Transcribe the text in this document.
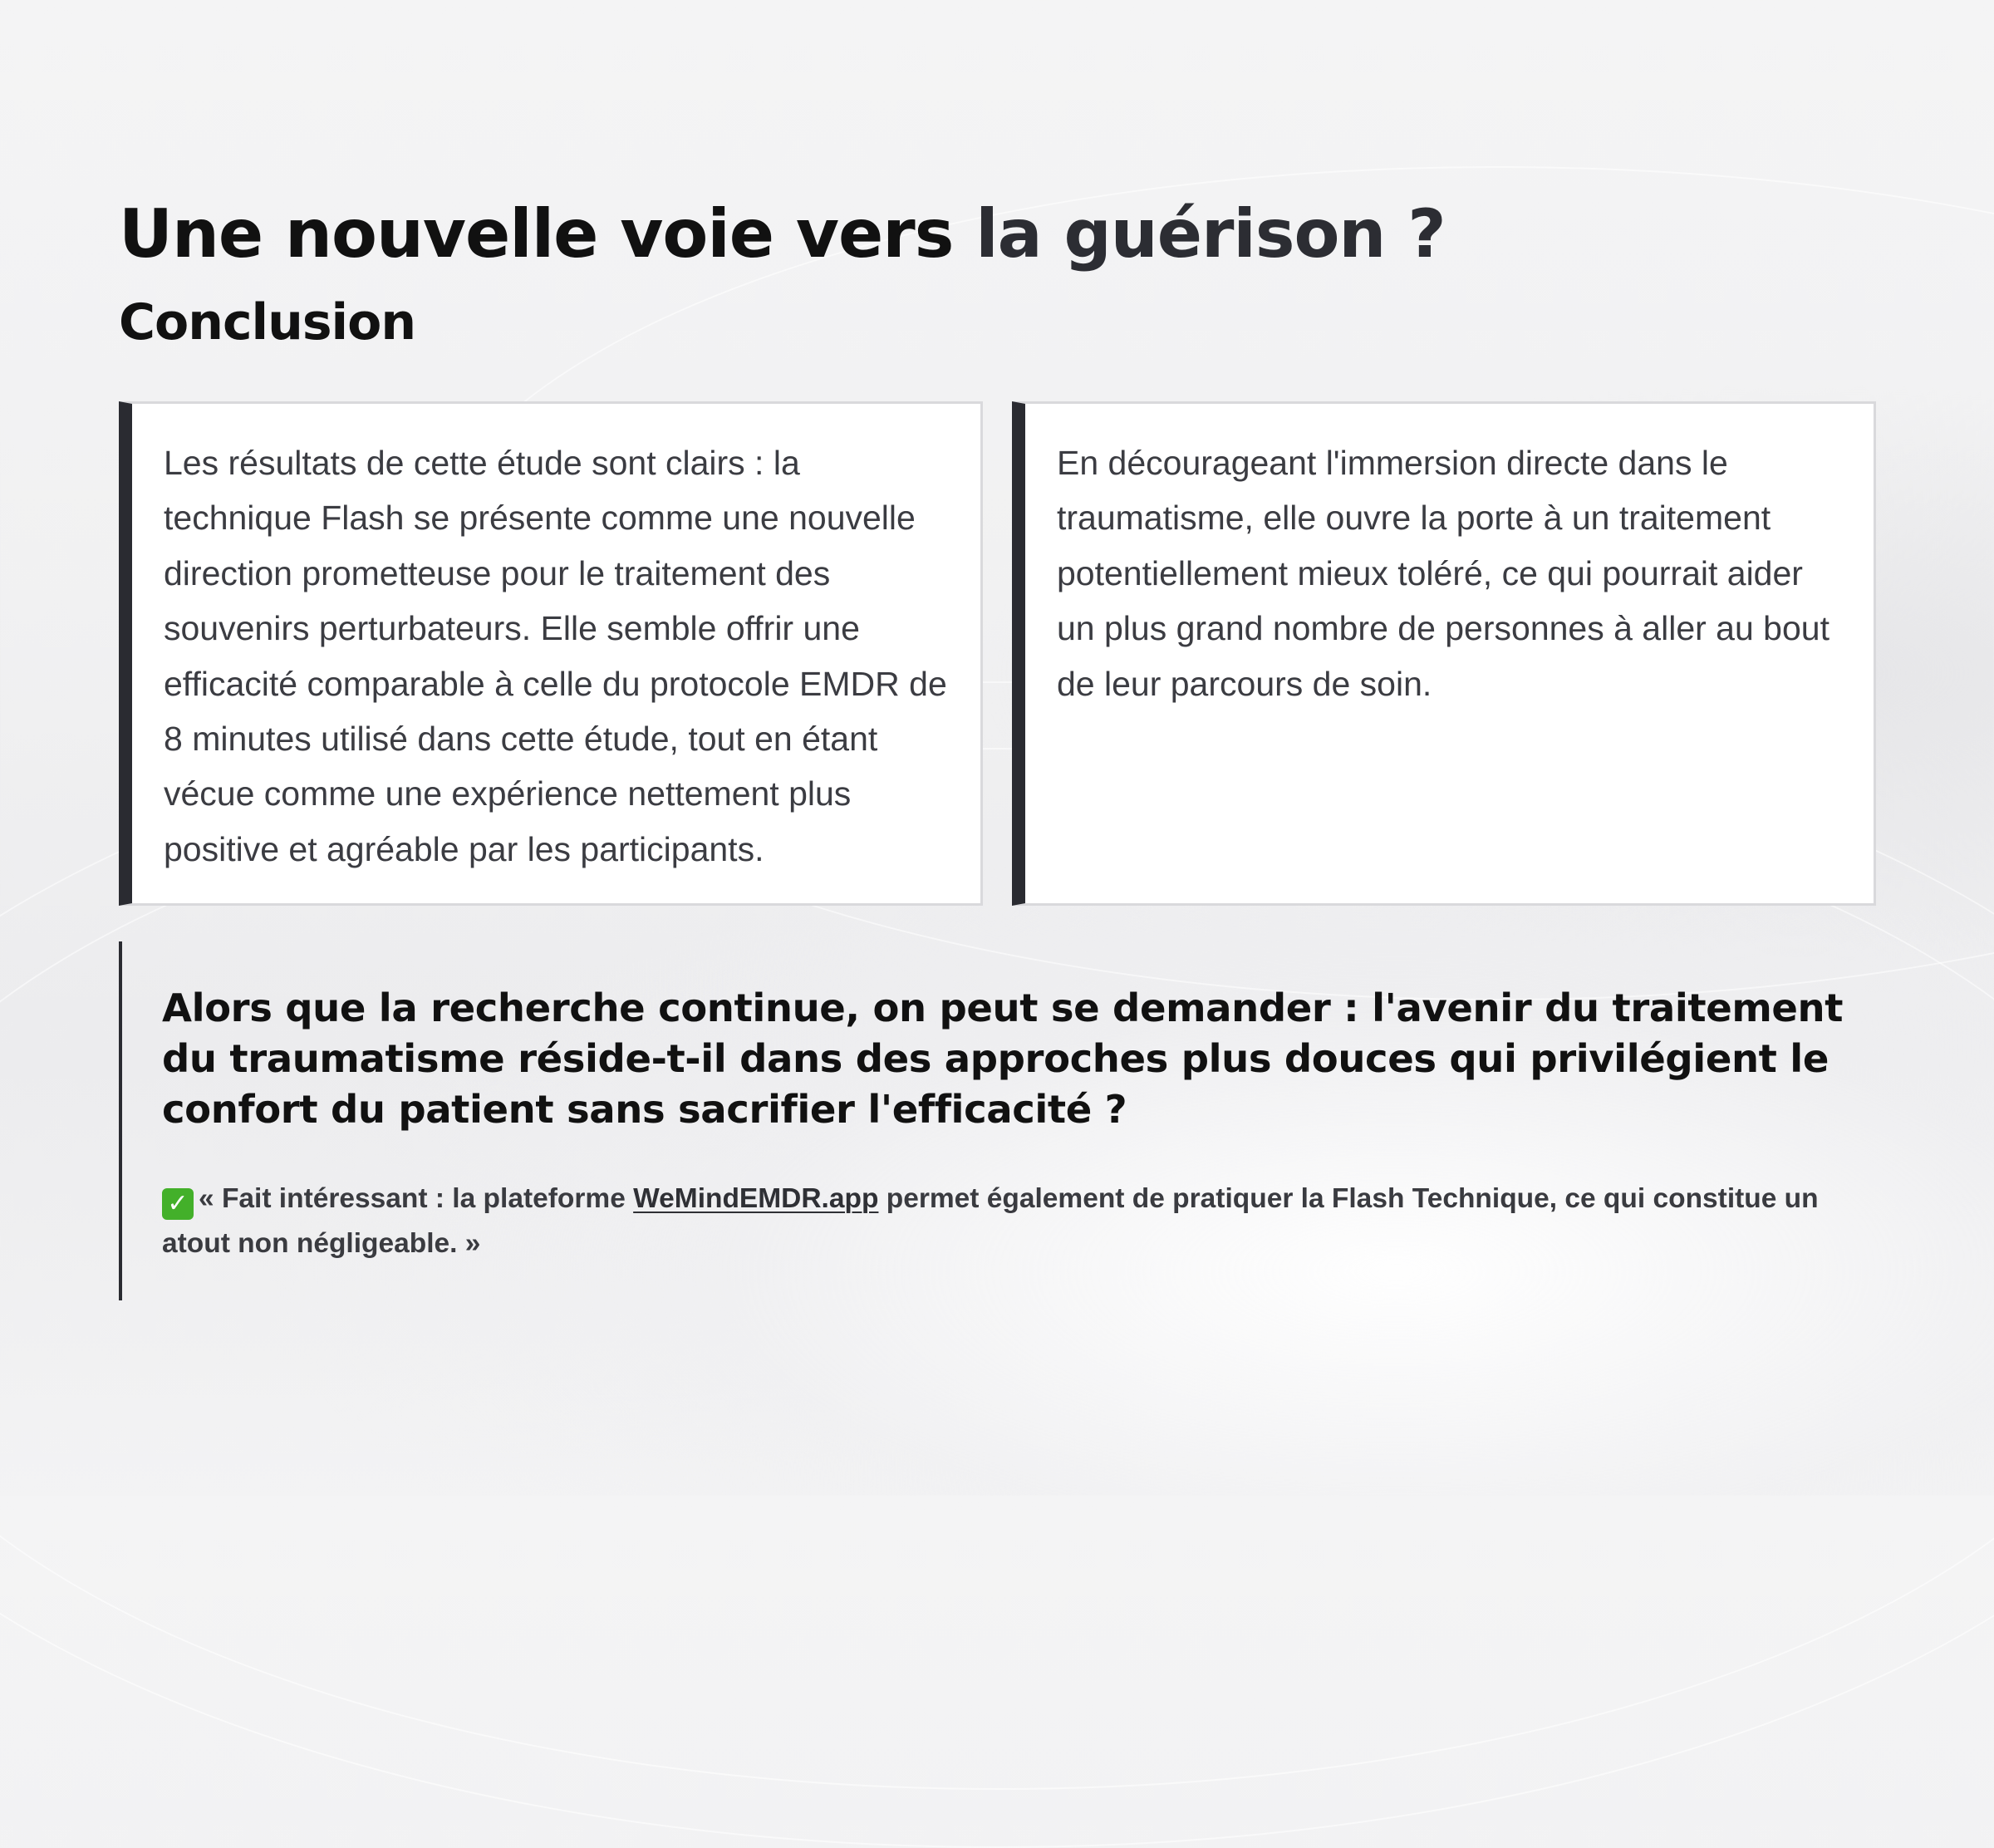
Une nouvelle voie vers la guérison ?
Conclusion

Les résultats de cette étude sont clairs : la technique Flash se présente comme une nouvelle direction prometteuse pour le traitement des souvenirs perturbateurs. Elle semble offrir une efficacité comparable à celle du protocole EMDR de 8 minutes utilisé dans cette étude, tout en étant vécue comme une expérience nettement plus positive et agréable par les participants.

En décourageant l'immersion directe dans le traumatisme, elle ouvre la porte à un traitement potentiellement mieux toléré, ce qui pourrait aider un plus grand nombre de personnes à aller au bout de leur parcours de soin.

Alors que la recherche continue, on peut se demander : l'avenir du traitement du traumatisme réside-t-il dans des approches plus douces qui privilégient le confort du patient sans sacrifier l'efficacité ?

✓ « Fait intéressant : la plateforme WeMindEMDR.app permet également de pratiquer la Flash Technique, ce qui constitue un atout non négligeable. »
